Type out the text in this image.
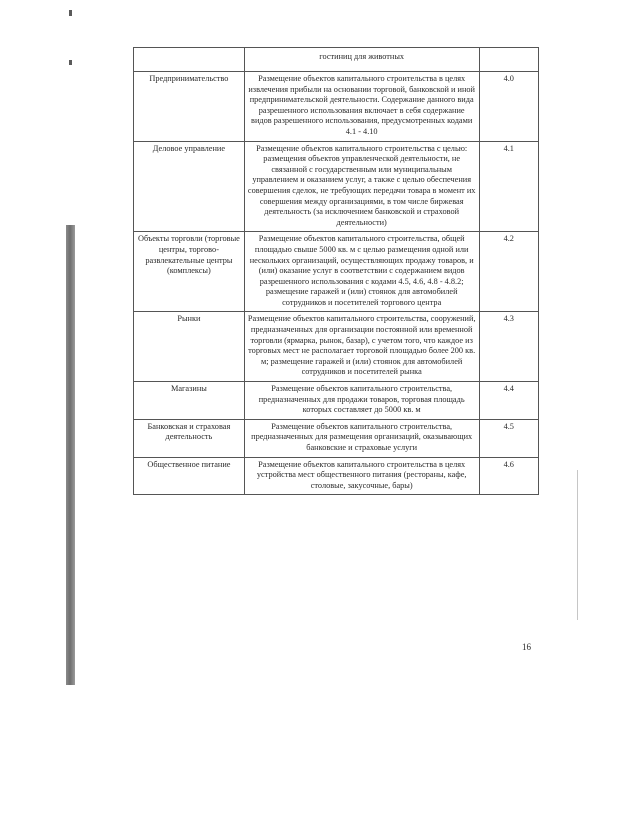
	гостиниц для животных	
Предпринимательство	Размещение объектов капитального строительства в целях извлечения прибыли на основании торговой, банковской и иной предпринимательской деятельности. Содержание данного вида разрешенного использования включает в себя содержание видов разрешенного использования, предусмотренных кодами 4.1 - 4.10	4.0
Деловое управление	Размещение объектов капитального строительства с целью: размещения объектов управленческой деятельности, не связанной с государственным или муниципальным управлением и оказанием услуг, а также с целью обеспечения совершения сделок, не требующих передачи товара в момент их совершения между организациями, в том числе биржевая деятельность (за исключением банковской и страховой деятельности)	4.1
Объекты торговли (торговые центры, торгово-развлекательные центры (комплексы)	Размещение объектов капитального строительства, общей площадью свыше 5000 кв. м с целью размещения одной или нескольких организаций, осуществляющих продажу товаров, и (или) оказание услуг в соответствии с содержанием видов разрешенного использования с кодами 4.5, 4.6, 4.8 - 4.8.2; размещение гаражей и (или) стоянок для автомобилей сотрудников и посетителей торгового центра	4.2
Рынки	Размещение объектов капитального строительства, сооружений, предназначенных для организации постоянной или временной торговли (ярмарка, рынок, базар), с учетом того, что каждое из торговых мест не располагает торговой площадью более 200 кв. м; размещение гаражей и (или) стоянок для автомобилей сотрудников и посетителей рынка	4.3
Магазины	Размещение объектов капитального строительства, предназначенных для продажи товаров, торговая площадь которых составляет до 5000 кв. м	4.4
Банковская и страховая деятельность	Размещение объектов капитального строительства, предназначенных для размещения организаций, оказывающих банковские и страховые услуги	4.5
Общественное питание	Размещение объектов капитального строительства в целях устройства мест общественного питания (рестораны, кафе, столовые, закусочные, бары)	4.6
16
